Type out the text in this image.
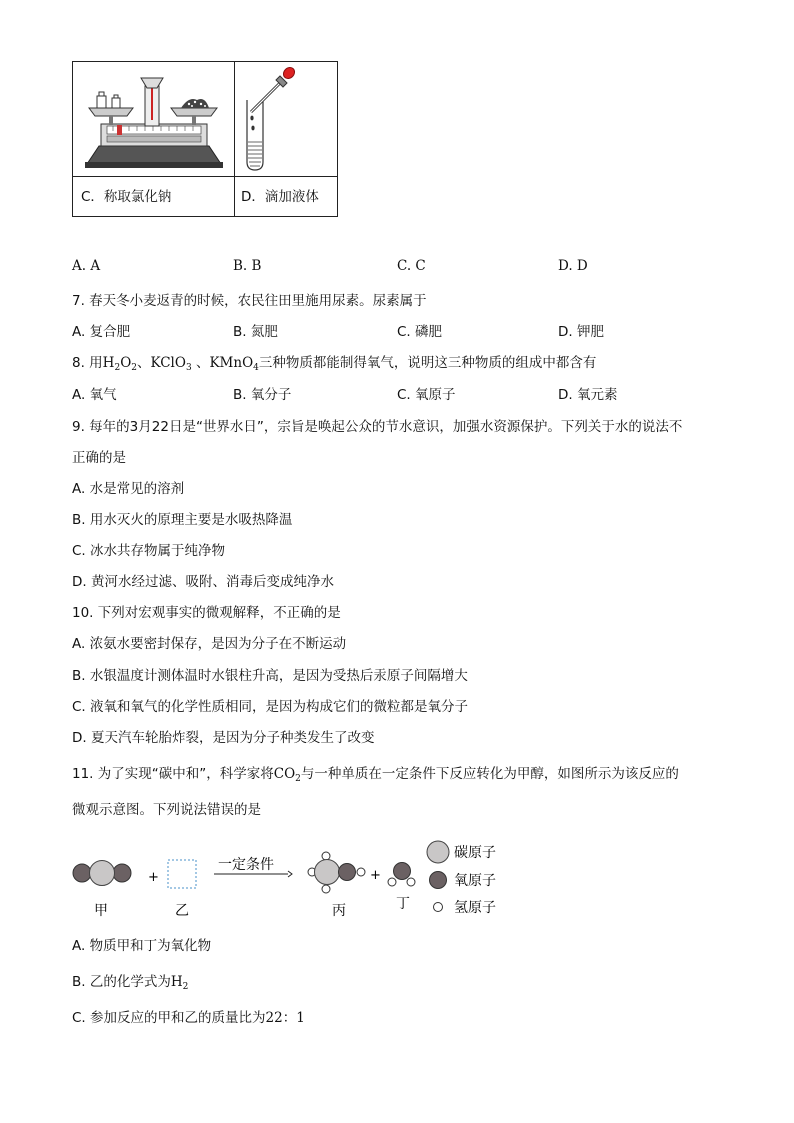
C．称取氯化钠	D．滴加液体
A. A	B. B	C. C	D. D
7. 春天冬小麦返青的时候，农民往田里施用尿素。尿素属于
A. 复合肥	B. 氮肥	C. 磷肥	D. 钾肥
8. 用$H_2O_2$、KClO$_3$ 、KMnO$_4$三种物质都能制得氧气，说明这三种物质的组成中都含有
A. 氧气	B. 氧分子	C. 氧原子	D. 氧元素
9. 每年的3月22日是“世界水日”，宗旨是唤起公众的节水意识，加强水资源保护。下列关于水的说法不
正确的是
A. 水是常见的溶剂
B. 用水灭火的原理主要是水吸热降温
C. 冰水共存物属于纯净物
D. 黄河水经过滤、吸附、消毒后变成纯净水
10. 下列对宏观事实的微观解释，不正确的是
A. 浓氨水要密封保存，是因为分子在不断运动
B. 水银温度计测体温时水银柱升高，是因为受热后汞原子间隔增大
C. 液氧和氧气的化学性质相同，是因为构成它们的微粒都是氧分子
D. 夏天汽车轮胎炸裂，是因为分子种类发生了改变
11. 为了实现“碳中和”，科学家将$CO_2$与一种单质在一定条件下反应转化为甲醇，如图所示为该反应的
微观示意图。下列说法错误的是
+
一定条件
+
甲	乙	丙	丁
碳原子
氧原子
氢原子
A. 物质甲和丁为氧化物
B. 乙的化学式为$H_2$
C. 参加反应的甲和乙的质量比为22：1
